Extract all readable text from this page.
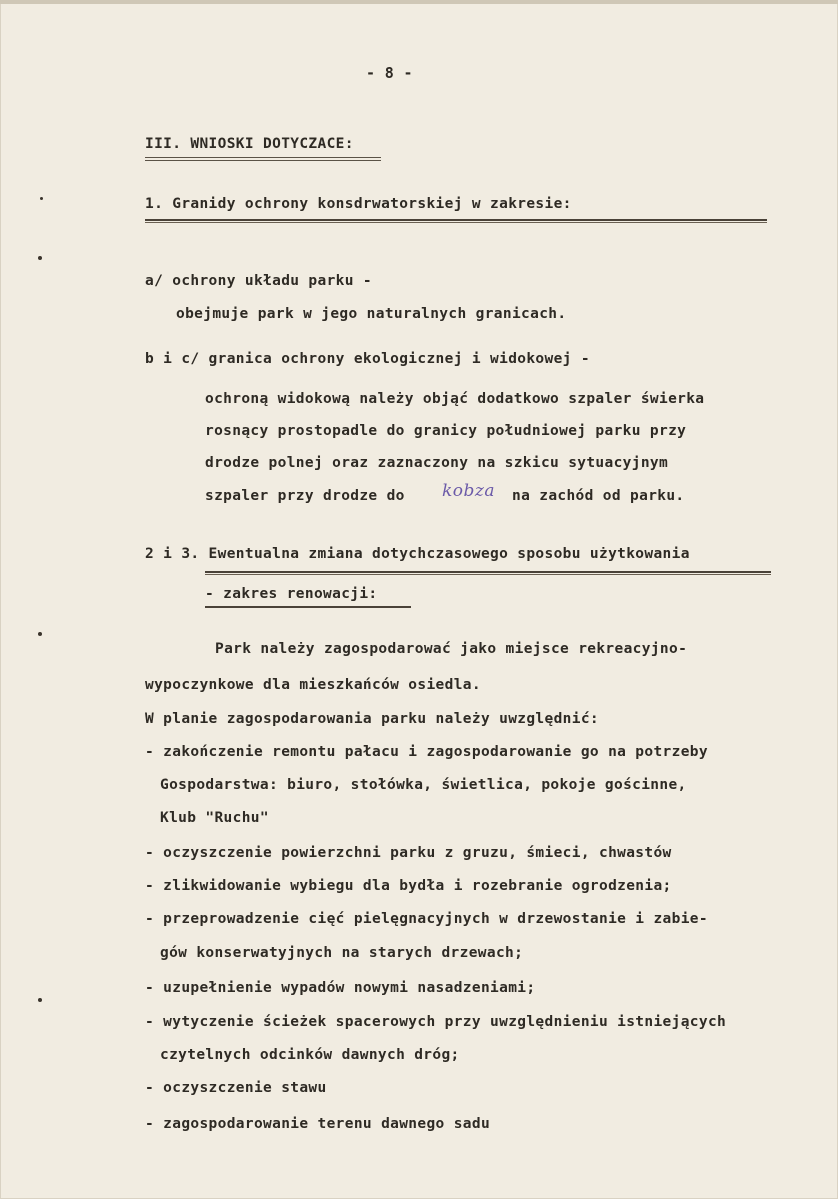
- 8 -
III. WNIOSKI DOTYCZACE:
1. Granidy ochrony konsdrwatorskiej w zakresie:
a/ ochrony układu parku -
obejmuje park w jego naturalnych granicach.
b i c/ granica ochrony ekologicznej i widokowej -
ochroną widokową należy objąć dodatkowo szpaler świerka
rosnący prostopadle do granicy południowej parku przy
drodze polnej oraz zaznaczony na szkicu sytuacyjnym
szpaler przy drodze do kobza na zachód od parku.
2 i 3. Ewentualna zmiana dotychczasowego sposobu użytkowania
- zakres renowacji:
Park należy zagospodarować jako miejsce rekreacyjno-
wypoczynkowe dla mieszkańców osiedla.
W planie zagospodarowania parku należy uwzględnić:
- zakończenie remontu pałacu i zagospodarowanie go na potrzeby
Gospodarstwa: biuro, stołówka, świetlica, pokoje gościnne,
Klub "Ruchu"
- oczyszczenie powierzchni parku z gruzu, śmieci, chwastów
- zlikwidowanie wybiegu dla bydła i rozebranie ogrodzenia;
- przeprowadzenie cięć pielęgnacyjnych w drzewostanie i zabie-
gów konserwatyjnych na starych drzewach;
- uzupełnienie wypadów nowymi nasadzeniami;
- wytyczenie ścieżek spacerowych przy uwzględnieniu istniejących
czytelnych odcinków dawnych dróg;
- oczyszczenie stawu
- zagospodarowanie terenu dawnego sadu
